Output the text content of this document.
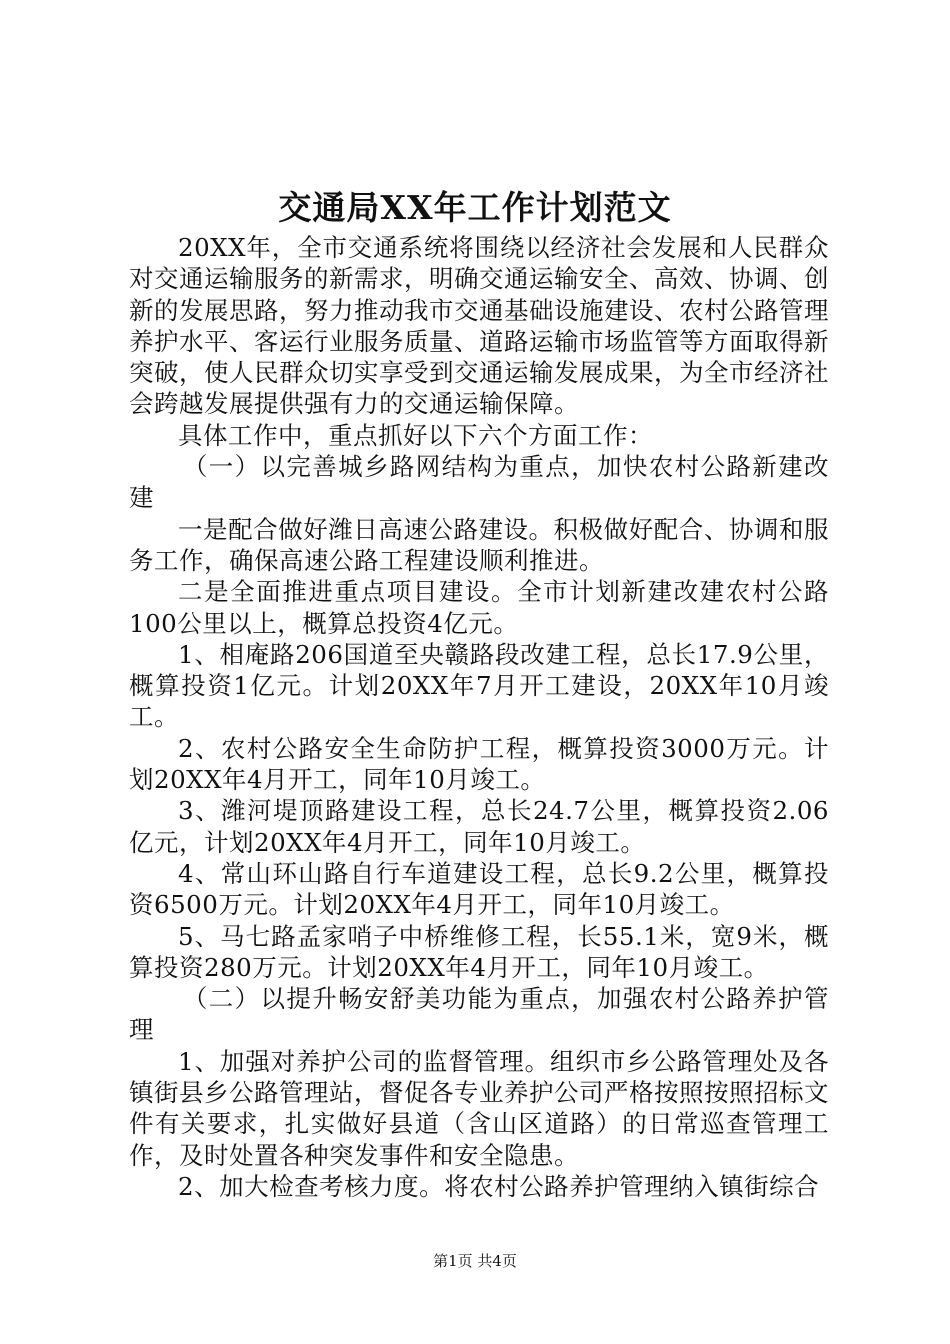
交通局XX年工作计划范文

20XX年，全市交通系统将围绕以经济社会发展和人民群众对交通运输服务的新需求，明确交通运输安全、高效、协调、创新的发展思路，努力推动我市交通基础设施建设、农村公路管理养护水平、客运行业服务质量、道路运输市场监管等方面取得新突破，使人民群众切实享受到交通运输发展成果，为全市经济社会跨越发展提供强有力的交通运输保障。

具体工作中，重点抓好以下六个方面工作：

（一）以完善城乡路网结构为重点，加快农村公路新建改建

一是配合做好潍日高速公路建设。积极做好配合、协调和服务工作，确保高速公路工程建设顺利推进。

二是全面推进重点项目建设。全市计划新建改建农村公路100公里以上，概算总投资4亿元。

1、相庵路206国道至央赣路段改建工程，总长17.9公里，概算投资1亿元。计划20XX年7月开工建设，20XX年10月竣工。

2、农村公路安全生命防护工程，概算投资3000万元。计划20XX年4月开工，同年10月竣工。

3、潍河堤顶路建设工程，总长24.7公里，概算投资2.06亿元，计划20XX年4月开工，同年10月竣工。

4、常山环山路自行车道建设工程，总长9.2公里，概算投资6500万元。计划20XX年4月开工，同年10月竣工。

5、马七路孟家哨子中桥维修工程，长55.1米，宽9米，概算投资280万元。计划20XX年4月开工，同年10月竣工。

（二）以提升畅安舒美功能为重点，加强农村公路养护管理

1、加强对养护公司的监督管理。组织市乡公路管理处及各镇街县乡公路管理站，督促各专业养护公司严格按照按照招标文件有关要求，扎实做好县道（含山区道路）的日常巡查管理工作，及时处置各种突发事件和安全隐患。

2、加大检查考核力度。将农村公路养护管理纳入镇街综合

第1页 共4页
